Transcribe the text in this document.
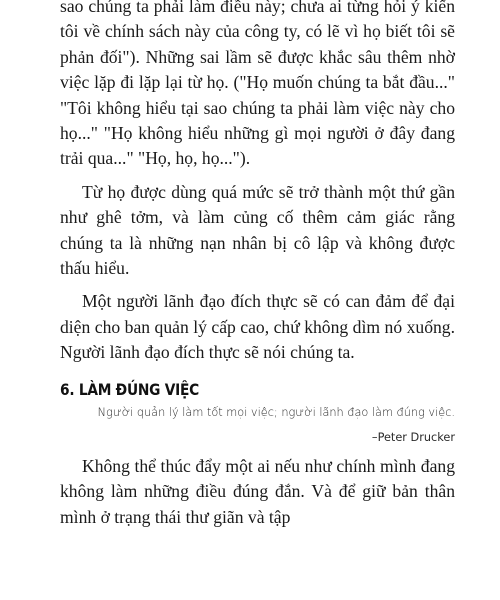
sao chúng ta phải làm điều này; chưa ai từng hỏi ý kiến tôi về chính sách này của công ty, có lẽ vì họ biết tôi sẽ phản đối"). Những sai lầm sẽ được khắc sâu thêm nhờ việc lặp đi lặp lại từ họ. ("Họ muốn chúng ta bắt đầu..." "Tôi không hiểu tại sao chúng ta phải làm việc này cho họ..." "Họ không hiểu những gì mọi người ở đây đang trải qua..." "Họ, họ, họ...").

Từ họ được dùng quá mức sẽ trở thành một thứ gần như ghê tởm, và làm củng cố thêm cảm giác rằng chúng ta là những nạn nhân bị cô lập và không được thấu hiểu.

Một người lãnh đạo đích thực sẽ có can đảm để đại diện cho ban quản lý cấp cao, chứ không dìm nó xuống. Người lãnh đạo đích thực sẽ nói chúng ta.

6. LÀM ĐÚNG VIỆC

Người quản lý làm tốt mọi việc; người lãnh đạo làm đúng việc.

–Peter Drucker

Không thể thúc đẩy một ai nếu như chính mình đang không làm những điều đúng đắn. Và để giữ bản thân mình ở trạng thái thư giãn và tập
